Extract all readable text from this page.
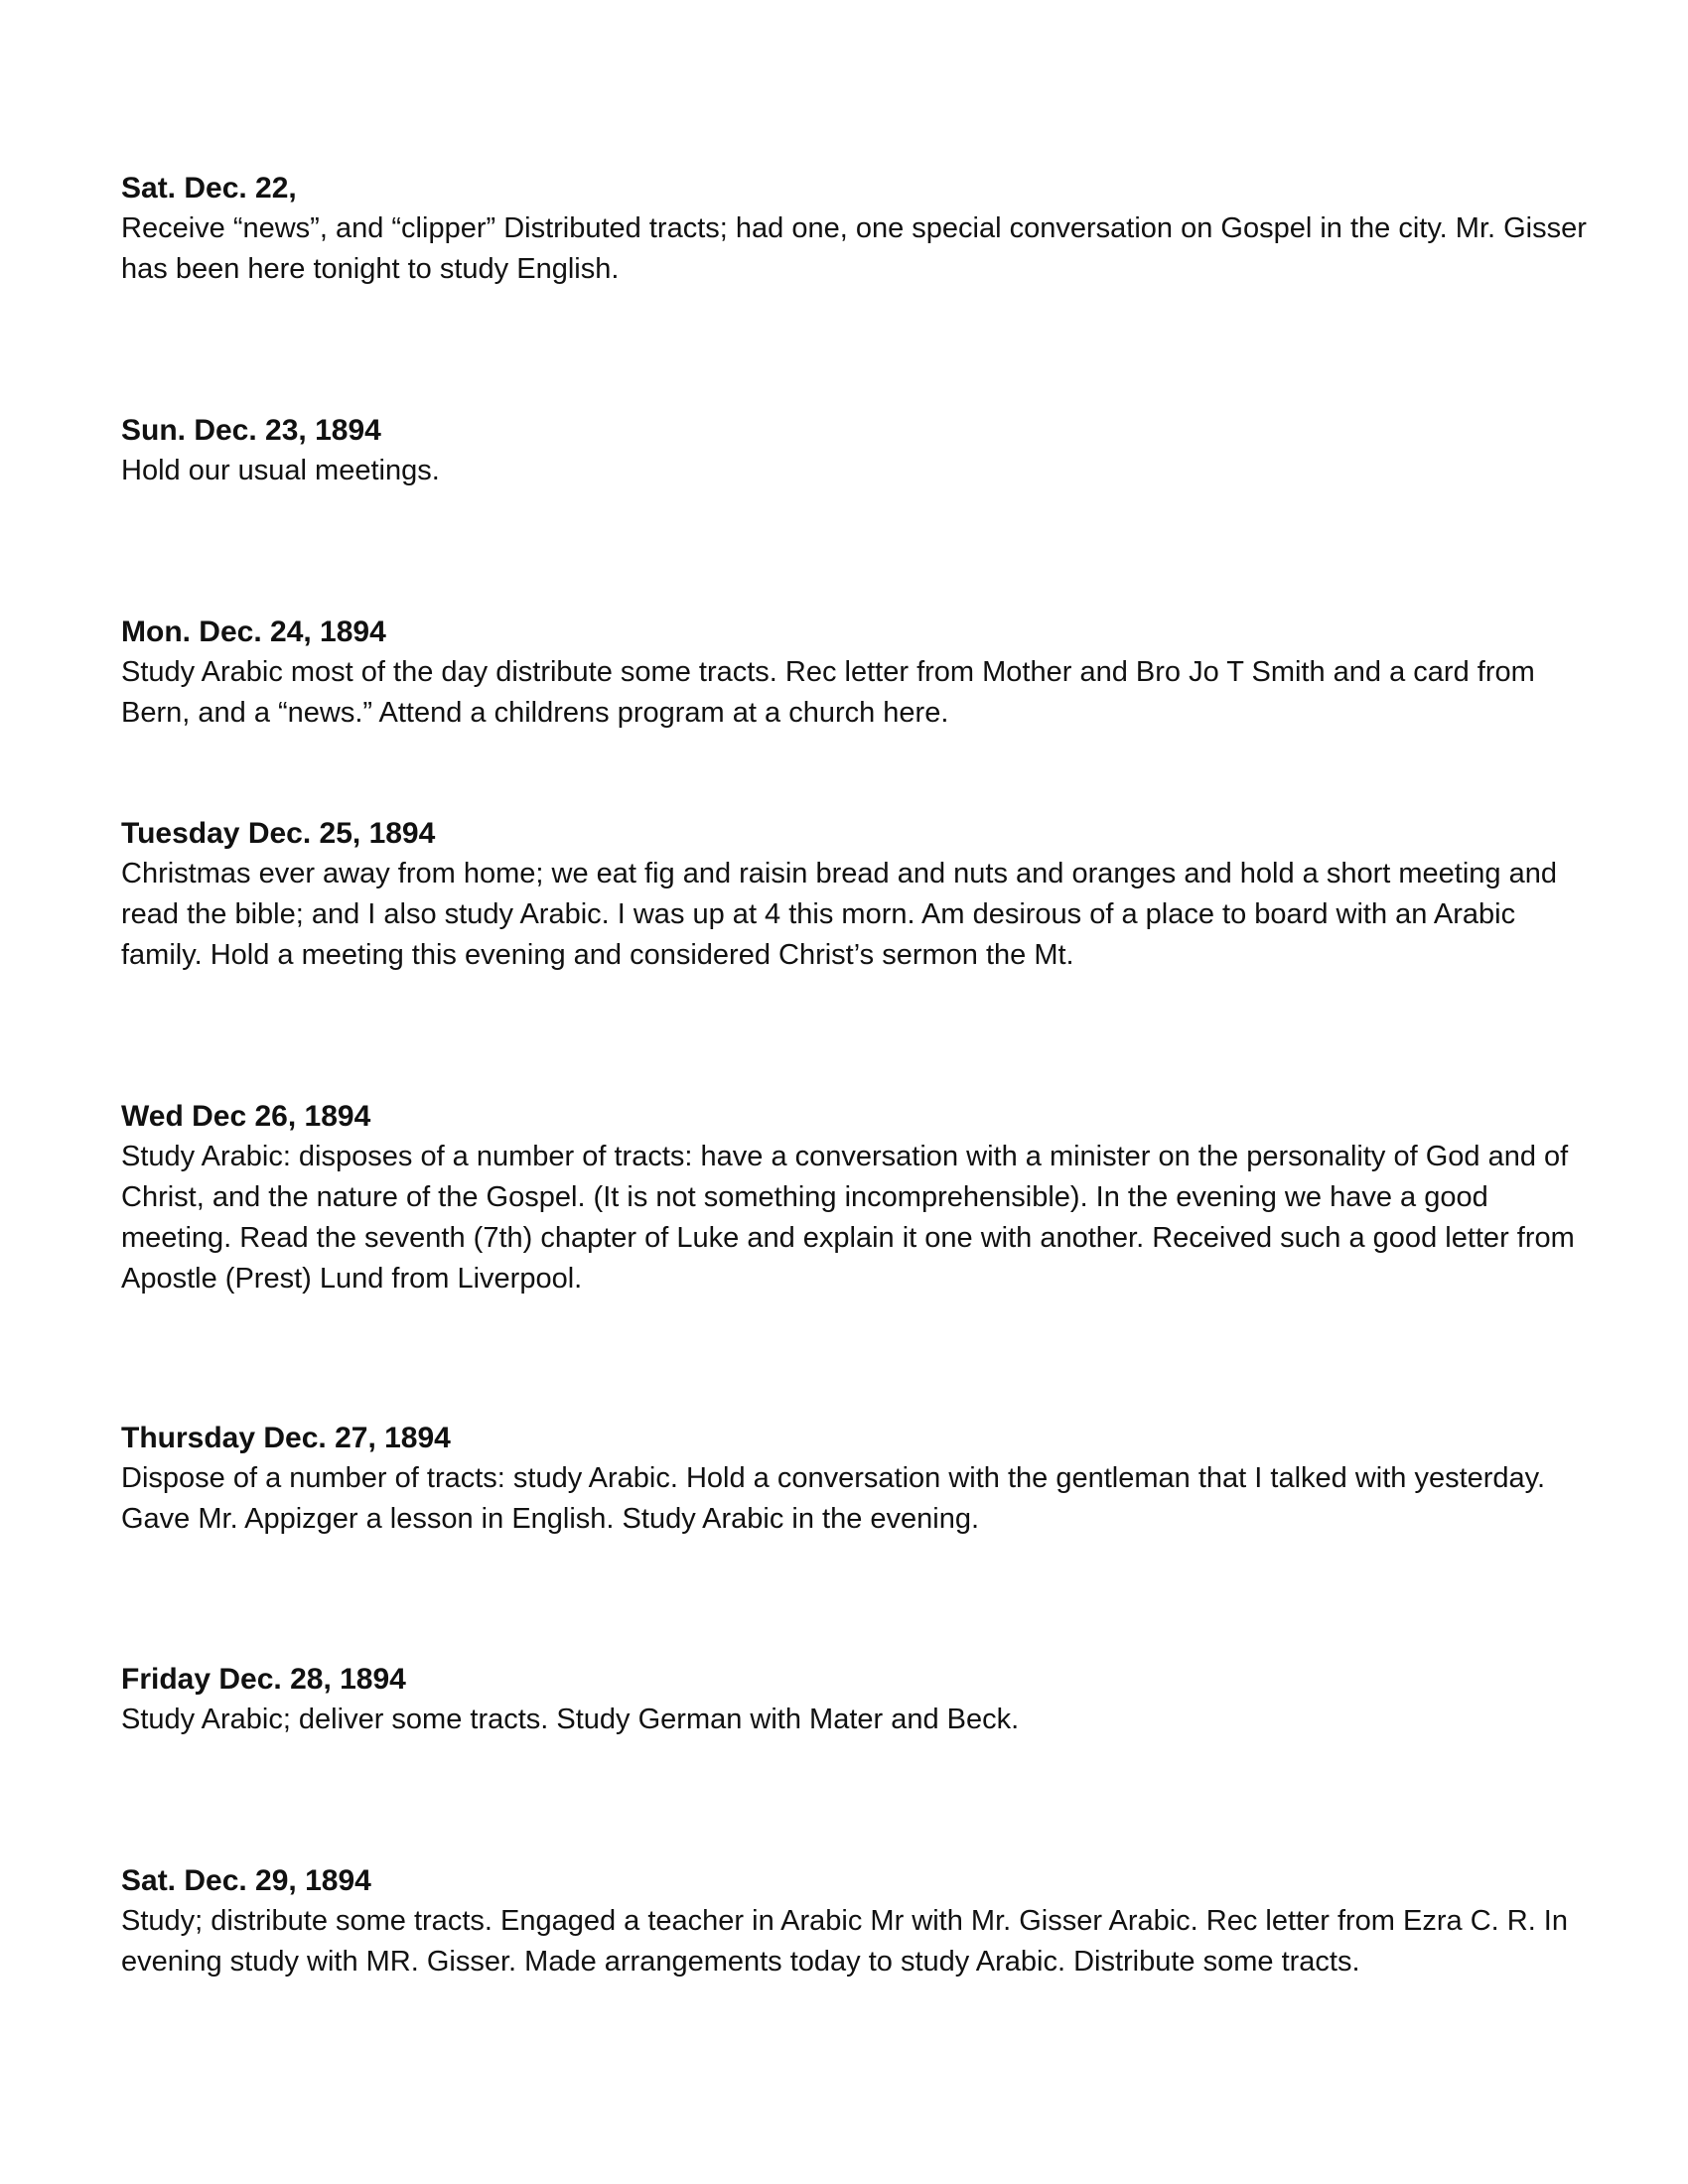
Sat. Dec. 22,

Receive “news”, and “clipper” Distributed tracts; had one, one special conversation on Gospel in the city. Mr. Gisser has been here tonight to study English.

Sun. Dec. 23, 1894

Hold our usual meetings.

Mon. Dec. 24, 1894

Study Arabic most of the day distribute some tracts. Rec letter from Mother and Bro Jo T Smith and a card from Bern, and a “news.” Attend a childrens program at a church here.

Tuesday Dec. 25, 1894

Christmas ever away from home; we eat fig and raisin bread and nuts and oranges and hold a short meeting and read the bible; and I also study Arabic. I was up at 4 this morn. Am desirous of a place to board with an Arabic family. Hold a meeting this evening and considered Christ’s sermon the Mt.

Wed Dec 26, 1894

Study Arabic: disposes of a number of tracts: have a conversation with a minister on the personality of God and of Christ, and the nature of the Gospel. (It is not something incomprehensible). In the evening we have a good meeting. Read the seventh (7th) chapter of Luke and explain it one with another. Received such a good letter from Apostle (Prest) Lund from Liverpool.

Thursday Dec. 27, 1894

Dispose of a number of tracts: study Arabic. Hold a conversation with the gentleman that I talked with yesterday. Gave Mr. Appizger a lesson in English. Study Arabic in the evening.

Friday Dec. 28, 1894

Study Arabic; deliver some tracts. Study German with Mater and Beck.

Sat. Dec. 29, 1894

Study; distribute some tracts. Engaged a teacher in Arabic Mr with Mr. Gisser Arabic. Rec letter from Ezra C. R. In evening study with MR. Gisser. Made arrangements today to study Arabic. Distribute some tracts.
